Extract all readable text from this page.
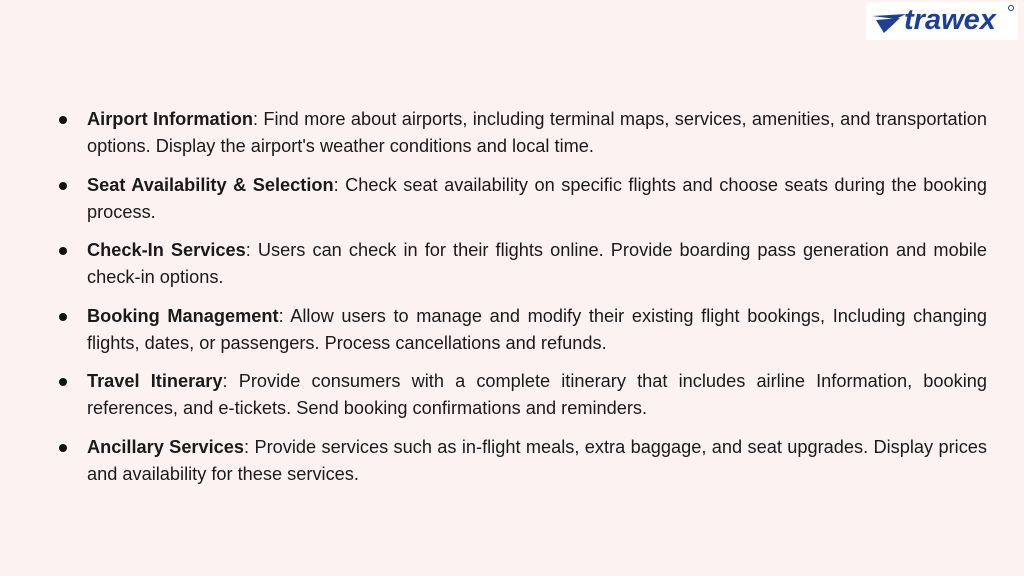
trawex
Airport Information: Find more about airports, including terminal maps, services, amenities, and transportation options. Display the airport's weather conditions and local time.
Seat Availability & Selection: Check seat availability on specific flights and choose seats during the booking process.
Check-In Services: Users can check in for their flights online. Provide boarding pass generation and mobile check-in options.
Booking Management: Allow users to manage and modify their existing flight bookings, Including changing flights, dates, or passengers. Process cancellations and refunds.
Travel Itinerary: Provide consumers with a complete itinerary that includes airline Information, booking references, and e-tickets. Send booking confirmations and reminders.
Ancillary Services: Provide services such as in-flight meals, extra baggage, and seat upgrades. Display prices and availability for these services.
